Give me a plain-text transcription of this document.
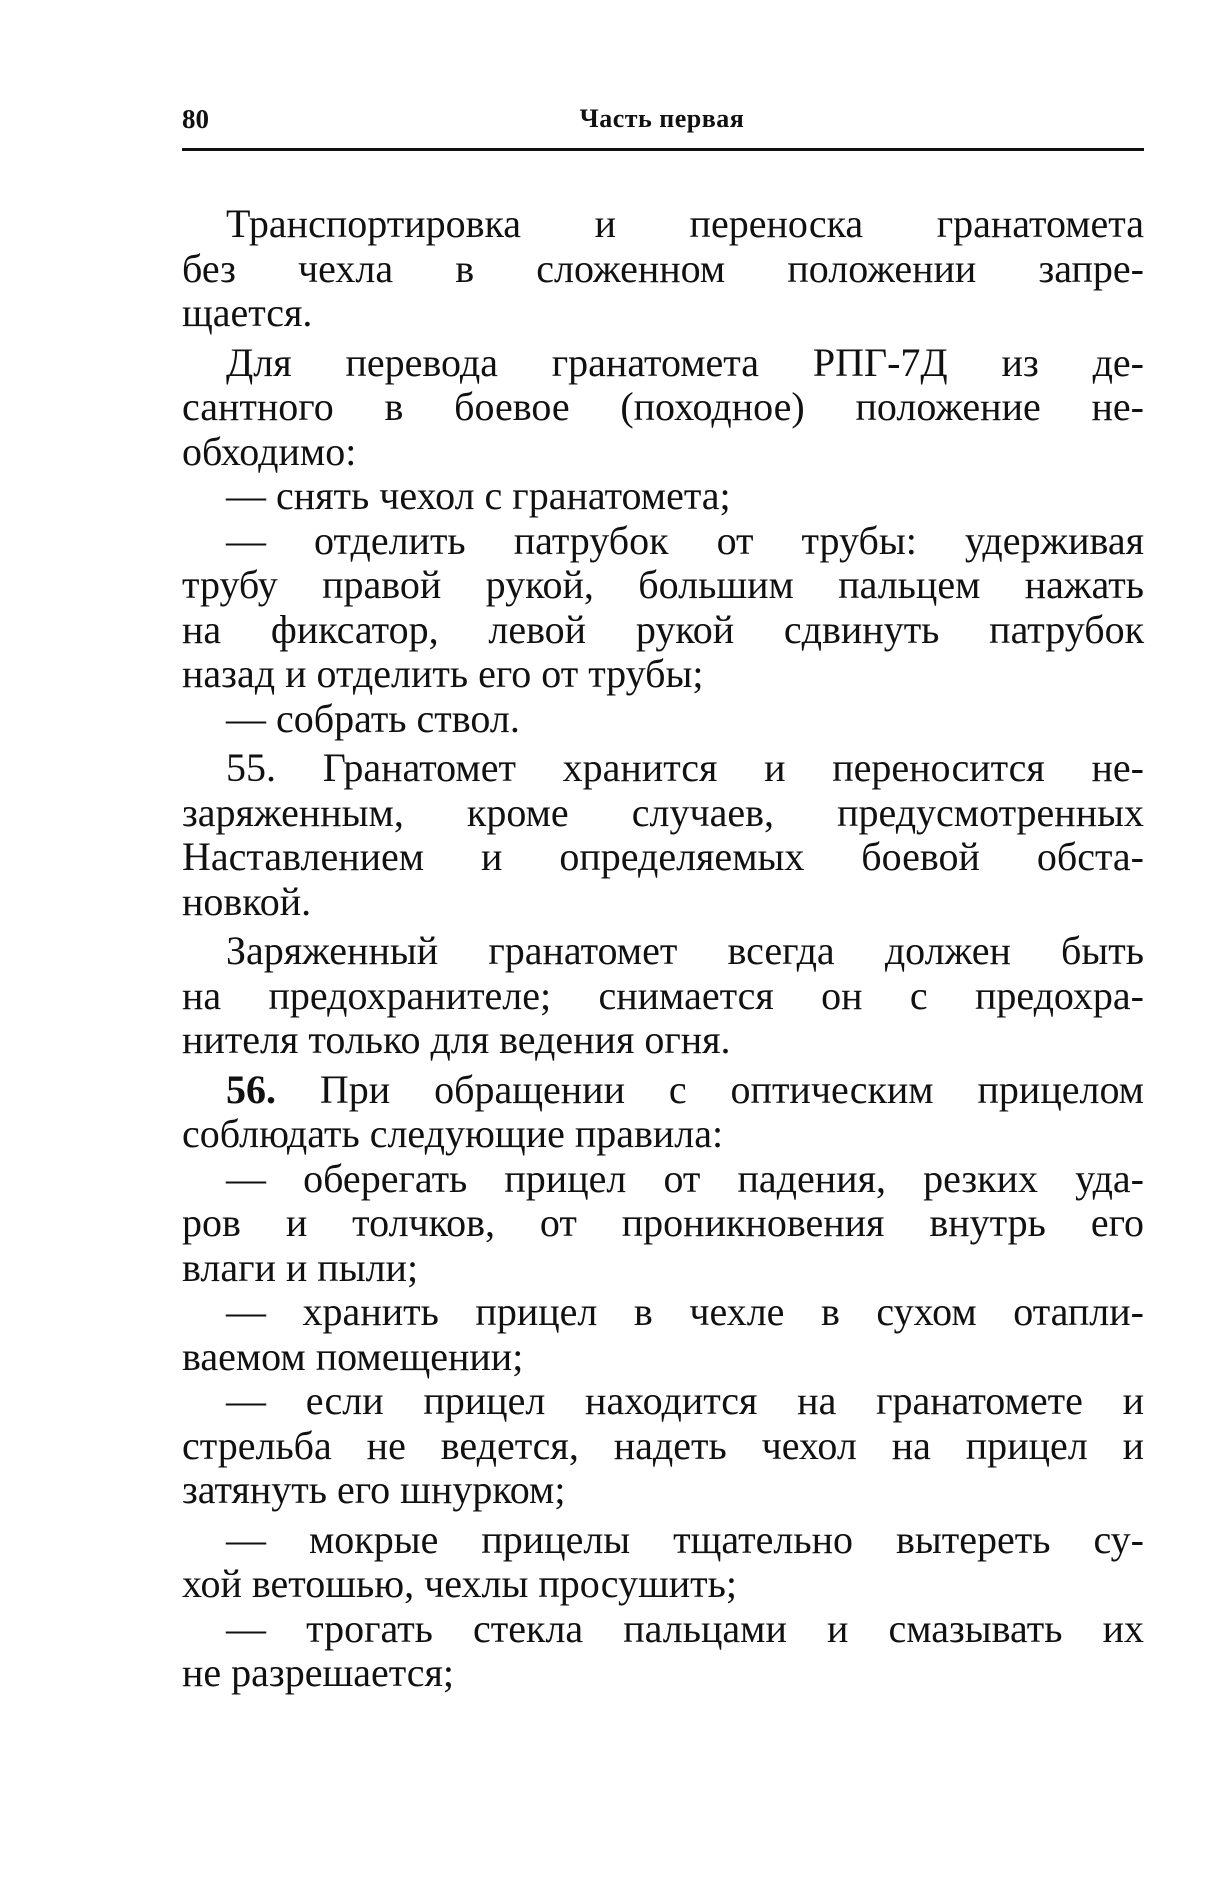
80	Часть первая
Транспортировка и переноска гранатомета
без чехла в сложенном положении запре-
щается.
Для перевода гранатомета РПГ-7Д из де-
сантного в боевое (походное) положение не-
обходимо:
— снять чехол с гранатомета;
— отделить патрубок от трубы: удерживая
трубу правой рукой, большим пальцем нажать
на фиксатор, левой рукой сдвинуть патрубок
назад и отделить его от трубы;
— собрать ствол.
55. Гранатомет хранится и переносится не-
заряженным, кроме случаев, предусмотренных
Наставлением и определяемых боевой обста-
новкой.
Заряженный гранатомет всегда должен быть
на предохранителе; снимается он с предохра-
нителя только для ведения огня.
56. При обращении с оптическим прицелом
соблюдать следующие правила:
— оберегать прицел от падения, резких уда-
ров и толчков, от проникновения внутрь его
влаги и пыли;
— хранить прицел в чехле в сухом отапли-
ваемом помещении;
— если прицел находится на гранатомете и
стрельба не ведется, надеть чехол на прицел и
затянуть его шнурком;
— мокрые прицелы тщательно вытереть су-
хой ветошью, чехлы просушить;
— трогать стекла пальцами и смазывать их
не разрешается;
